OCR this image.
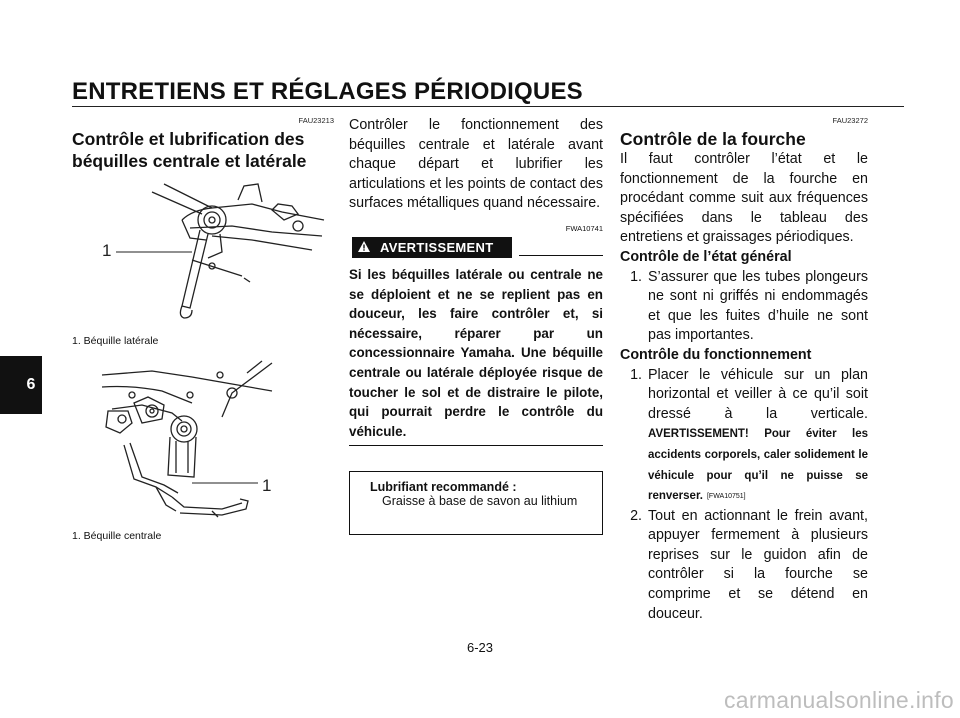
ENTRETIENS ET RÉGLAGES PÉRIODIQUES
6
FAU23213
Contrôle et lubrification des
béquilles centrale et latérale
1
1. Béquille latérale
1
1. Béquille centrale

Contrôler le fonctionnement des béquilles centrale et latérale avant chaque départ et lubrifier les articulations et les points de contact des surfaces métalliques quand nécessaire.

FWA10741
AVERTISSEMENT

Si les béquilles latérale ou centrale ne se déploient et ne se replient pas en douceur, les faire contrôler et, si nécessaire, réparer par un concessionnaire Yamaha. Une béquille centrale ou latérale déployée risque de toucher le sol et de distraire le pilote, qui pourrait perdre le contrôle du véhicule.

Lubrifiant recommandé :
Graisse à base de savon au lithium
FAU23272
Contrôle de la fourche

Il faut contrôler l’état et le fonctionnement de la fourche en procédant comme suit aux fréquences spécifiées dans le tableau des entretiens et graissages périodiques.

Contrôle de l’état général
1. S’assurer que les tubes plongeurs ne sont ni griffés ni endommagés et que les fuites d’huile ne sont pas importantes.
Contrôle du fonctionnement
1. Placer le véhicule sur un plan horizontal et veiller à ce qu’il soit dressé à la verticale. AVERTISSEMENT! Pour éviter les accidents corporels, caler solidement le véhicule pour qu’il ne puisse se renverser. [FWA10751]
2. Tout en actionnant le frein avant, appuyer fermement à plusieurs reprises sur le guidon afin de contrôler si la fourche se comprime et se détend en douceur.
6-23
carmanualsonline.info
